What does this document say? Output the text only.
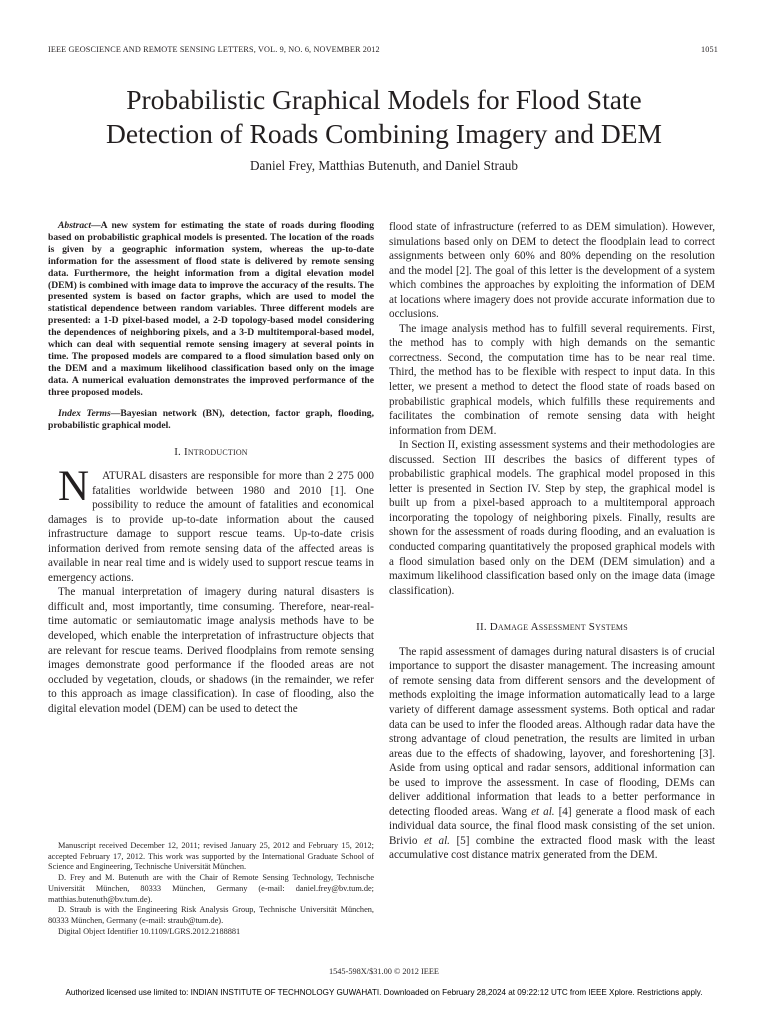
IEEE GEOSCIENCE AND REMOTE SENSING LETTERS, VOL. 9, NO. 6, NOVEMBER 2012	1051
Probabilistic Graphical Models for Flood State
Detection of Roads Combining Imagery and DEM
Daniel Frey, Matthias Butenuth, and Daniel Straub

Abstract—A new system for estimating the state of roads during flooding based on probabilistic graphical models is presented. The location of the roads is given by a geographic information system, whereas the up-to-date information for the assessment of flood state is delivered by remote sensing data. Furthermore, the height information from a digital elevation model (DEM) is combined with image data to improve the accuracy of the results. The presented system is based on factor graphs, which are used to model the statistical dependence between random variables. Three different models are presented: a 1-D pixel-based model, a 2-D topology-based model considering the dependences of neighboring pixels, and a 3-D multitemporal-based model, which can deal with sequential remote sensing imagery at several points in time. The proposed models are compared to a flood simulation based only on the DEM and a maximum likelihood classification based only on the image data. A numerical evaluation demonstrates the improved performance of the three proposed models.

Index Terms—Bayesian network (BN), detection, factor graph, flooding, probabilistic graphical model.

I. Introduction

N ATURAL disasters are responsible for more than 2 275 000 fatalities worldwide between 1980 and 2010 [1]. One possibility to reduce the amount of fatalities and economical damages is to provide up-to-date information about the caused infrastructure damage to support rescue teams. Up-to-date crisis information derived from remote sensing data of the affected areas is available in near real time and is widely used to support rescue teams in emergency actions.

The manual interpretation of imagery during natural disasters is difficult and, most importantly, time consuming. Therefore, near-real-time automatic or semiautomatic image analysis methods have to be developed, which enable the interpretation of infrastructure objects that are relevant for rescue teams. Derived floodplains from remote sensing images demonstrate good performance if the flooded areas are not occluded by vegetation, clouds, or shadows (in the remainder, we refer to this approach as image classification). In case of flooding, also the digital elevation model (DEM) can be used to detect the

flood state of infrastructure (referred to as DEM simulation). However, simulations based only on DEM to detect the floodplain lead to correct assignments between only 60% and 80% depending on the resolution and the model [2]. The goal of this letter is the development of a system which combines the approaches by exploiting the information of DEM at locations where imagery does not provide accurate information due to occlusions.

The image analysis method has to fulfill several requirements. First, the method has to comply with high demands on the semantic correctness. Second, the computation time has to be near real time. Third, the method has to be flexible with respect to input data. In this letter, we present a method to detect the flood state of roads based on probabilistic graphical models, which fulfills these requirements and facilitates the combination of remote sensing data with height information from DEM.

In Section II, existing assessment systems and their methodologies are discussed. Section III describes the basics of different types of probabilistic graphical models. The graphical model proposed in this letter is presented in Section IV. Step by step, the graphical model is built up from a pixel-based approach to a multitemporal approach incorporating the topology of neighboring pixels. Finally, results are shown for the assessment of roads during flooding, and an evaluation is conducted comparing quantitatively the proposed graphical models with a flood simulation based only on the DEM (DEM simulation) and a maximum likelihood classification based only on the image data (image classification).

II. Damage Assessment Systems

The rapid assessment of damages during natural disasters is of crucial importance to support the disaster management. The increasing amount of remote sensing data from different sensors and the development of methods exploiting the image information automatically lead to a large variety of different damage assessment systems. Both optical and radar data can be used to infer the flooded areas. Although radar data have the strong advantage of cloud penetration, the results are limited in urban areas due to the effects of shadowing, layover, and foreshortening [3]. Aside from using optical and radar sensors, additional information can be used to improve the assessment. In case of flooding, DEMs can deliver additional information that leads to a better performance in detecting flooded areas. Wang et al. [4] generate a flood mask of each individual data source, the final flood mask consisting of the set union. Brivio et al. [5] combine the extracted flood mask with the least accumulative cost distance matrix generated from the DEM.

Manuscript received December 12, 2011; revised January 25, 2012 and February 15, 2012; accepted February 17, 2012. This work was supported by the International Graduate School of Science and Engineering, Technische Universität München.

D. Frey and M. Butenuth are with the Chair of Remote Sensing Technology, Technische Universität München, 80333 München, Germany (e-mail: daniel.frey@bv.tum.de; matthias.butenuth@bv.tum.de).

D. Straub is with the Engineering Risk Analysis Group, Technische Universität München, 80333 München, Germany (e-mail: straub@tum.de).

Digital Object Identifier 10.1109/LGRS.2012.2188881

1545-598X/$31.00 © 2012 IEEE
Authorized licensed use limited to: INDIAN INSTITUTE OF TECHNOLOGY GUWAHATI. Downloaded on February 28,2024 at 09:22:12 UTC from IEEE Xplore. Restrictions apply.
